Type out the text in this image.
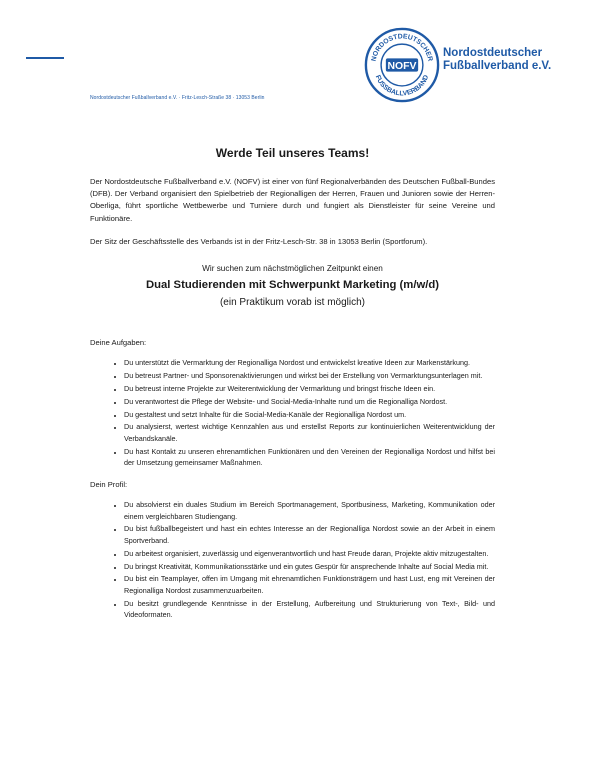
NORDOSTDEUTSCHER
FUSSBALLVERBAND
NOFV
Nordostdeutscher
Fußballverband e.V.
Nordostdeutscher Fußballverband e.V. · Fritz-Lesch-Straße 38 · 13053 Berlin
Werde Teil unseres Teams!
Der Nordostdeutsche Fußballverband e.V. (NOFV) ist einer von fünf Regionalverbänden des Deutschen Fußball-Bundes (DFB). Der Verband organisiert den Spielbetrieb der Regionalligen der Herren, Frauen und Junioren sowie der Herren-Oberliga, führt sportliche Wettbewerbe und Turniere durch und fungiert als Dienstleister für seine Vereine und Funktionäre.
Der Sitz der Geschäftsstelle des Verbands ist in der Fritz-Lesch-Str. 38 in 13053 Berlin (Sportforum).
Wir suchen zum nächstmöglichen Zeitpunkt einen
Dual Studierenden mit Schwerpunkt Marketing (m/w/d)
(ein Praktikum vorab ist möglich)
Deine Aufgaben:
• Du unterstützt die Vermarktung der Regionalliga Nordost und entwickelst kreative Ideen zur Markenstärkung.
• Du betreust Partner- und Sponsorenaktivierungen und wirkst bei der Erstellung von Vermarktungsunterlagen mit.
• Du betreust interne Projekte zur Weiterentwicklung der Vermarktung und bringst frische Ideen ein.
• Du verantwortest die Pflege der Website- und Social-Media-Inhalte rund um die Regionalliga Nordost.
• Du gestaltest und setzt Inhalte für die Social-Media-Kanäle der Regionalliga Nordost um.
• Du analysierst, wertest wichtige Kennzahlen aus und erstellst Reports zur kontinuierlichen Weiterentwicklung der Verbandskanäle.
• Du hast Kontakt zu unseren ehrenamtlichen Funktionären und den Vereinen der Regionalliga Nordost und hilfst bei der Umsetzung gemeinsamer Maßnahmen.
Dein Profil:
• Du absolvierst ein duales Studium im Bereich Sportmanagement, Sportbusiness, Marketing, Kommunikation oder einem vergleichbaren Studiengang.
• Du bist fußballbegeistert und hast ein echtes Interesse an der Regionalliga Nordost sowie an der Arbeit in einem Sportverband.
• Du arbeitest organisiert, zuverlässig und eigenverantwortlich und hast Freude daran, Projekte aktiv mitzugestalten.
• Du bringst Kreativität, Kommunikationsstärke und ein gutes Gespür für ansprechende Inhalte auf Social Media mit.
• Du bist ein Teamplayer, offen im Umgang mit ehrenamtlichen Funktionsträgern und hast Lust, eng mit Vereinen der Regionalliga Nordost zusammenzuarbeiten.
• Du besitzt grundlegende Kenntnisse in der Erstellung, Aufbereitung und Strukturierung von Text-, Bild- und Videoformaten.
